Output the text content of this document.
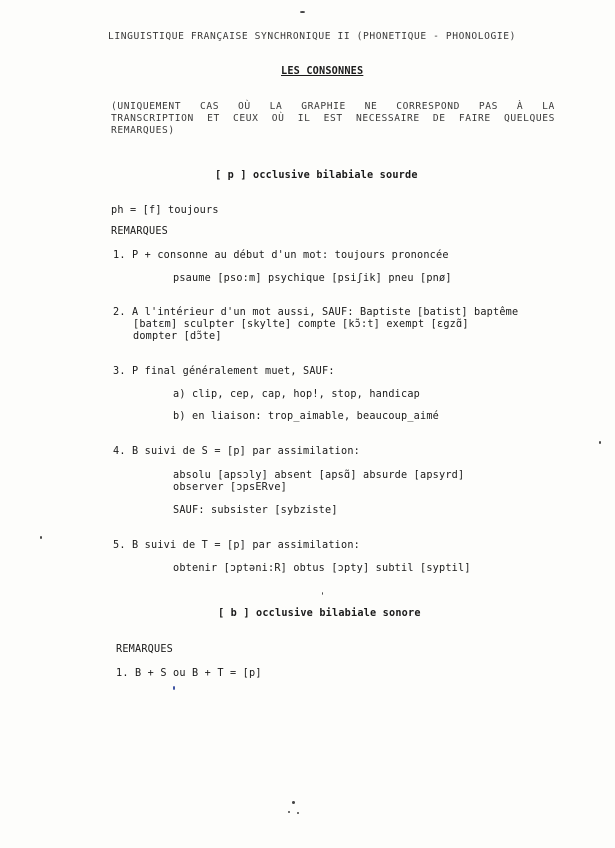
LINGUISTIQUE FRANÇAISE SYNCHRONIQUE II (PHONETIQUE - PHONOLOGIE)
LES CONSONNES
(UNIQUEMENT CAS OÙ LA GRAPHIE NE CORRESPOND PAS À LA
TRANSCRIPTION ET CEUX OÙ IL EST NECESSAIRE DE FAIRE QUELQUES
REMARQUES)
[ p ] occlusive bilabiale sourde
ph = [f] toujours
REMARQUES
1. P + consonne au début d'un mot: toujours prononcée
psaume [pso:m] psychique [psiʃik] pneu [pnø]
2. A l'intérieur d'un mot aussi, SAUF: Baptiste [batist] baptême
[batɛm] sculpter [skylte] compte [kɔ̃:t] exempt [ɛgzɑ̃]
dompter [dɔ̃te]
3. P final généralement muet, SAUF:
a) clip, cep, cap, hop!, stop, handicap
b) en liaison: trop_aimable, beaucoup_aimé
4. B suivi de S = [p] par assimilation:
absolu [apsɔly] absent [apsɑ̃] absurde [apsyrd]
observer [ɔpsERve]
SAUF: subsister [sybziste]
5. B suivi de T = [p] par assimilation:
obtenir [ɔptəni:R] obtus [ɔpty] subtil [syptil]
[ b ] occlusive bilabiale sonore
REMARQUES
1. B + S ou B + T = [p]
